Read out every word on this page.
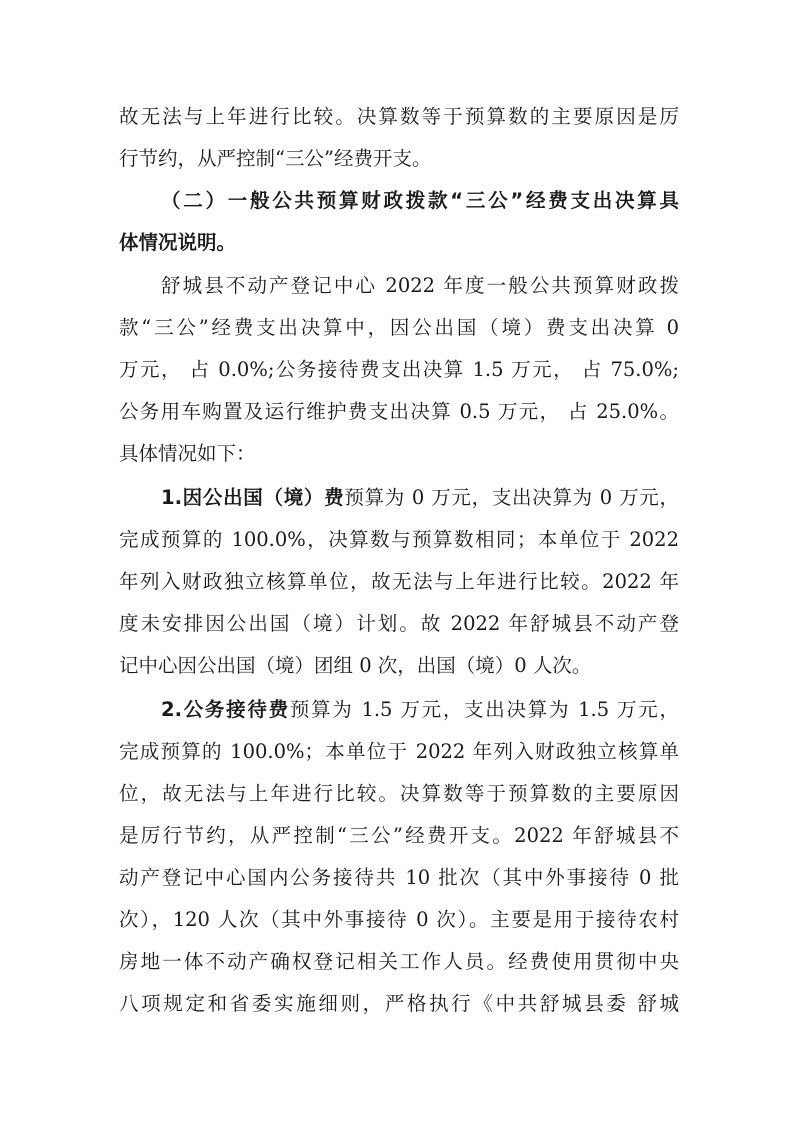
故无法与上年进行比较。决算数等于预算数的主要原因是厉
行节约，从严控制“三公”经费开支。
（二）一般公共预算财政拨款“三公”经费支出决算具
体情况说明。
舒城县不动产登记中心 2022 年度一般公共预算财政拨
款“三公”经费支出决算中，因公出国（境）费支出决算 0
万元， 占 0.0%;公务接待费支出决算 1.5 万元， 占 75.0%;
公务用车购置及运行维护费支出决算 0.5 万元， 占 25.0%。
具体情况如下：
1.因公出国（境）费预算为 0 万元，支出决算为 0 万元，
完成预算的 100.0%，决算数与预算数相同；本单位于 2022
年列入财政独立核算单位，故无法与上年进行比较。2022 年
度未安排因公出国（境）计划。故 2022 年舒城县不动产登
记中心因公出国（境）团组 0 次，出国（境）0 人次。
2.公务接待费预算为 1.5 万元，支出决算为 1.5 万元，
完成预算的 100.0%；本单位于 2022 年列入财政独立核算单
位，故无法与上年进行比较。决算数等于预算数的主要原因
是厉行节约，从严控制“三公”经费开支。2022 年舒城县不
动产登记中心国内公务接待共 10 批次（其中外事接待 0 批
次），120 人次（其中外事接待 0 次）。主要是用于接待农村
房地一体不动产确权登记相关工作人员。经费使用贯彻中央
八项规定和省委实施细则，严格执行《中共舒城县委 舒城
